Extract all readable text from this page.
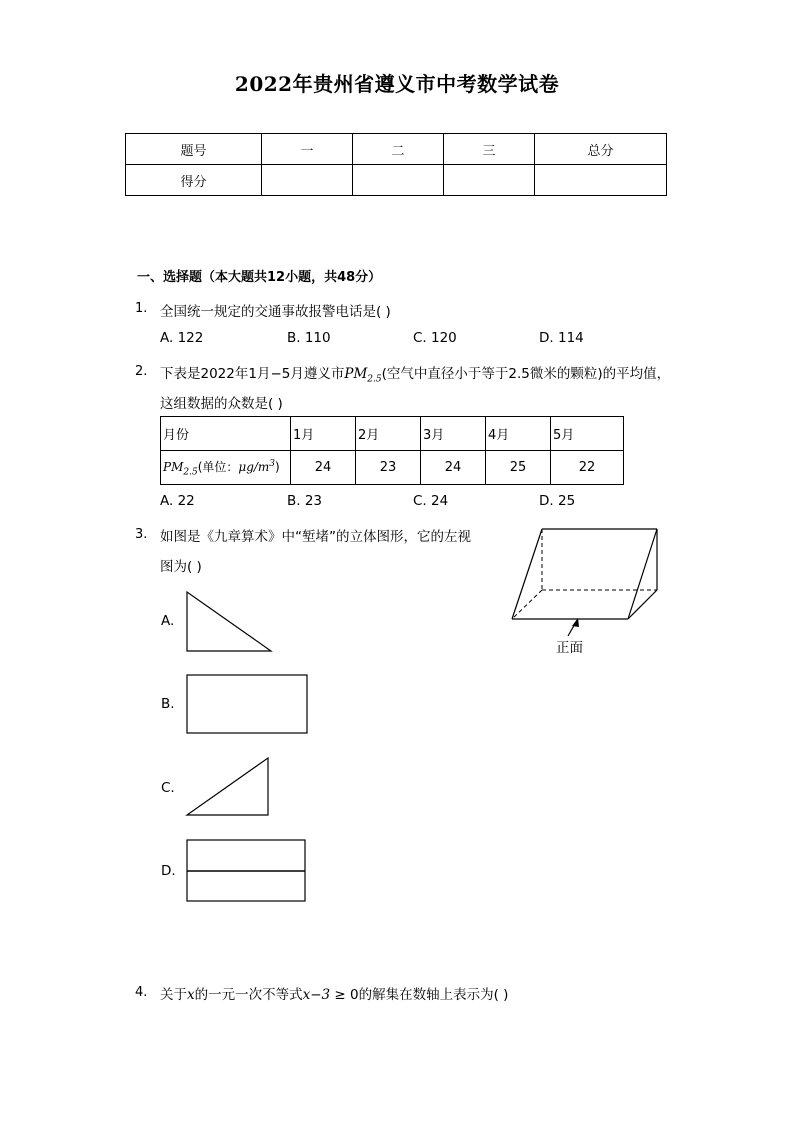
2022年贵州省遵义市中考数学试卷
题号	一	二	三	总分
得分				
一、选择题（本大题共12小题，共48分）
1. 全国统一规定的交通事故报警电话是( )
A. 122	B. 110	C. 120	D. 114
2. 下表是2022年1月−5月遵义市$PM_{2.5}$(空气中直径小于等于2.5微米的颗粒)的平均值，
这组数据的众数是( )
月份	1月	2月	3月	4月	5月
$PM_{2.5}$(单位：$\mu g/m^3$)	24	23	24	25	22
A. 22	B. 23	C. 24	D. 25
3. 如图是《九章算术》中“堑堵”的立体图形，它的左视
图为( )
正面
A.
B.
C.
D.
4. 关于x的一元一次不等式x−3 ≥ 0的解集在数轴上表示为( )
